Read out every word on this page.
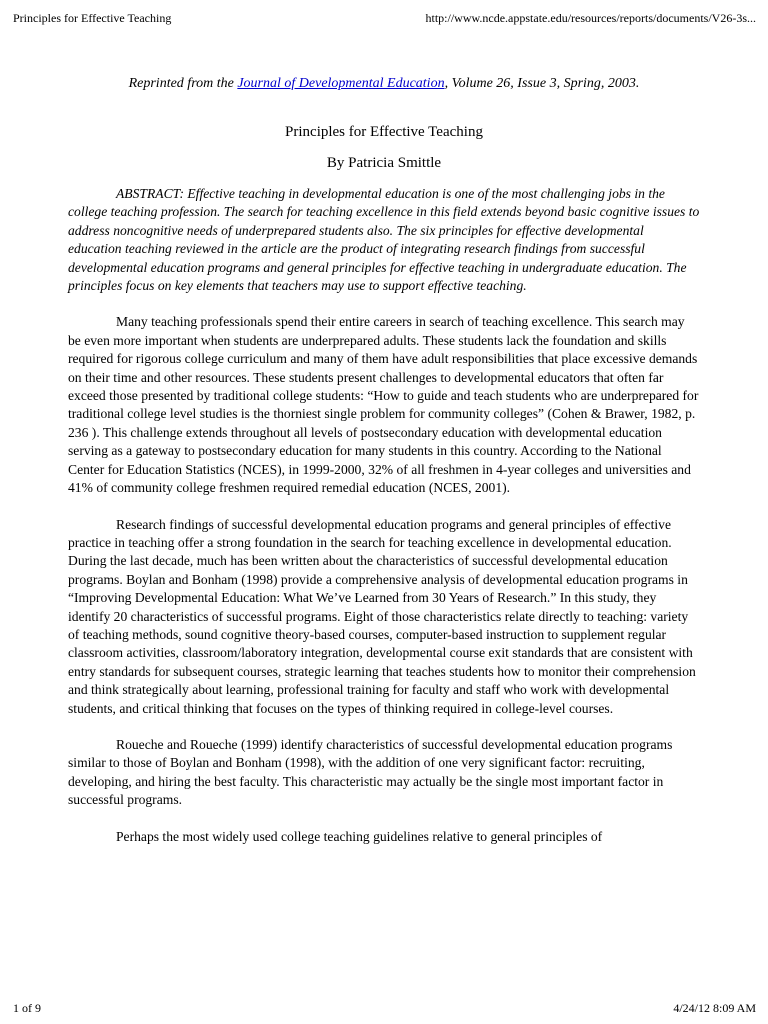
Principles for Effective Teaching	http://www.ncde.appstate.edu/resources/reports/documents/V26-3s...

Reprinted from the Journal of Developmental Education, Volume 26, Issue 3, Spring, 2003.

Principles for Effective Teaching

By Patricia Smittle

ABSTRACT: Effective teaching in developmental education is one of the most challenging jobs in the college teaching profession. The search for teaching excellence in this field extends beyond basic cognitive issues to address noncognitive needs of underprepared students also. The six principles for effective developmental education teaching reviewed in the article are the product of integrating research findings from successful developmental education programs and general principles for effective teaching in undergraduate education. The principles focus on key elements that teachers may use to support effective teaching.

Many teaching professionals spend their entire careers in search of teaching excellence. This search may be even more important when students are underprepared adults. These students lack the foundation and skills required for rigorous college curriculum and many of them have adult responsibilities that place excessive demands on their time and other resources. These students present challenges to developmental educators that often far exceed those presented by traditional college students: “How to guide and teach students who are underprepared for traditional college level studies is the thorniest single problem for community colleges” (Cohen & Brawer, 1982, p. 236 ). This challenge extends throughout all levels of postsecondary education with developmental education serving as a gateway to postsecondary education for many students in this country. According to the National Center for Education Statistics (NCES), in 1999-2000, 32% of all freshmen in 4-year colleges and universities and 41% of community college freshmen required remedial education (NCES, 2001).

Research findings of successful developmental education programs and general principles of effective practice in teaching offer a strong foundation in the search for teaching excellence in developmental education. During the last decade, much has been written about the characteristics of successful developmental education programs. Boylan and Bonham (1998) provide a comprehensive analysis of developmental education programs in “Improving Developmental Education: What We’ve Learned from 30 Years of Research.” In this study, they identify 20 characteristics of successful programs. Eight of those characteristics relate directly to teaching: variety of teaching methods, sound cognitive theory-based courses, computer-based instruction to supplement regular classroom activities, classroom/laboratory integration, developmental course exit standards that are consistent with entry standards for subsequent courses, strategic learning that teaches students how to monitor their comprehension and think strategically about learning, professional training for faculty and staff who work with developmental students, and critical thinking that focuses on the types of thinking required in college-level courses.

Roueche and Roueche (1999) identify characteristics of successful developmental education programs similar to those of Boylan and Bonham (1998), with the addition of one very significant factor: recruiting, developing, and hiring the best faculty. This characteristic may actually be the single most important factor in successful programs.

Perhaps the most widely used college teaching guidelines relative to general principles of

1 of 9	4/24/12 8:09 AM
